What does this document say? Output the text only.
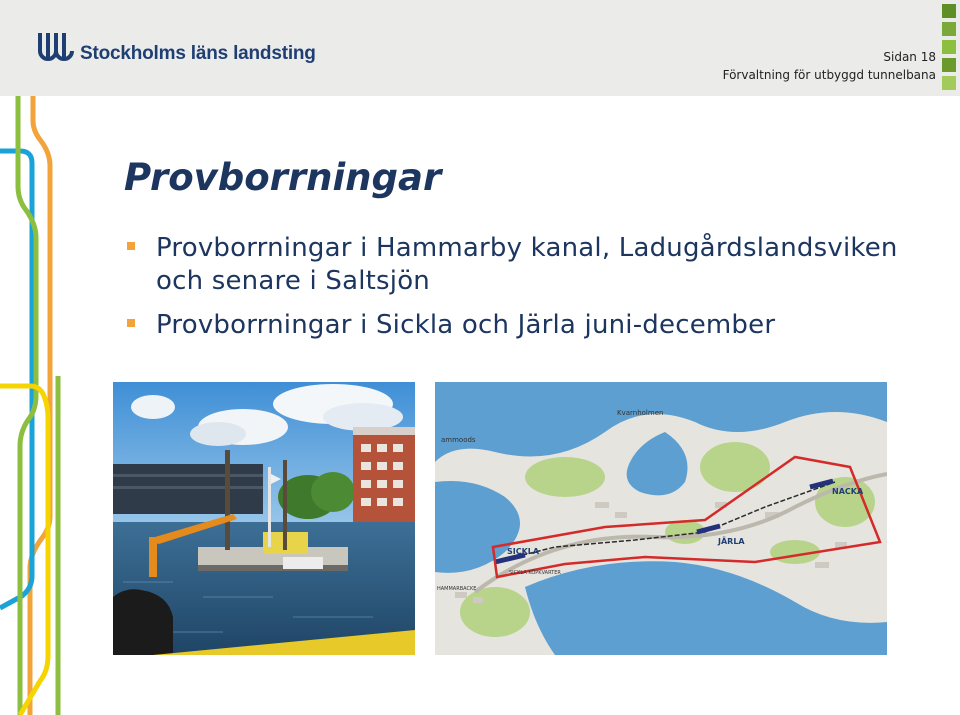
Stockholms läns landsting	Sidan 18
Förvaltning för utbyggd tunnelbana
Provborrningar
Provborrningar i Hammarby kanal, Ladugårdslandsviken och senare i Saltsjön
Provborrningar i Sickla och Järla juni-december
Kvarnholmen
ammoods
SICKLA
SICKLA KÖPKVARTER
JÄRLA
NACKA
HAMMARBACKE
